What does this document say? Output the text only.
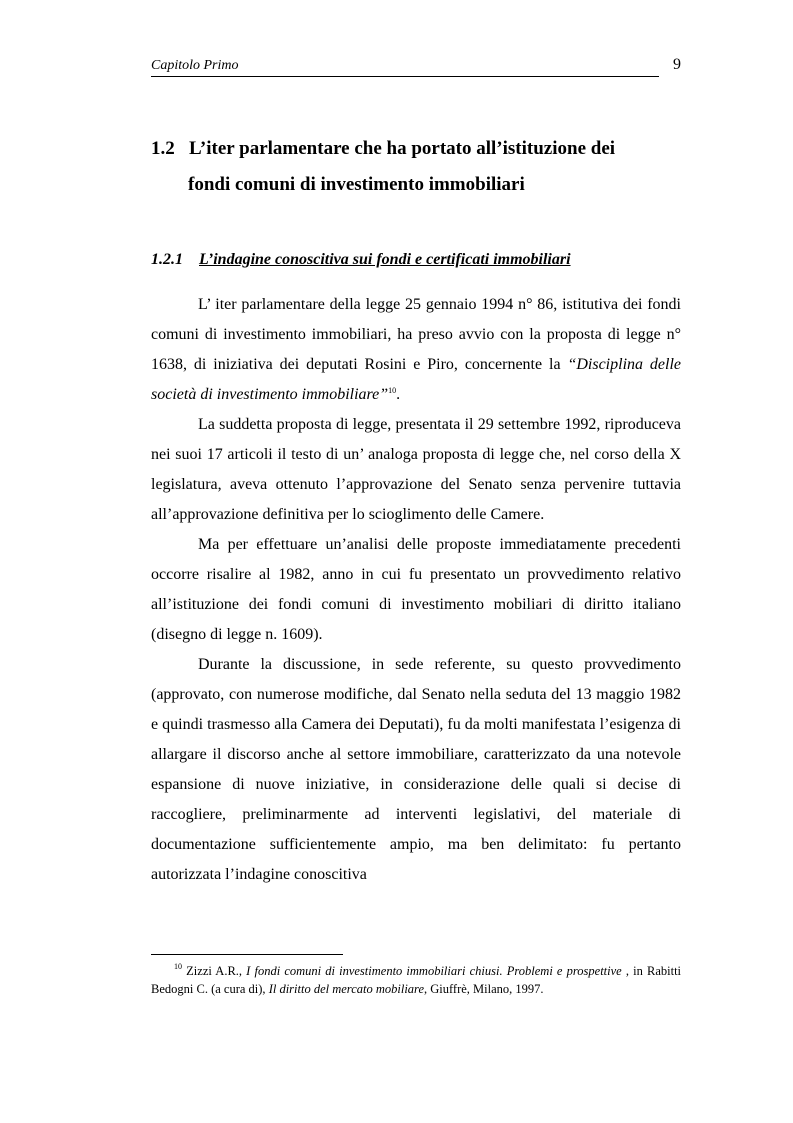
Capitolo Primo	9
1.2 L’iter parlamentare che ha portato all’istituzione dei
fondi comuni di investimento immobiliari
1.2.1 L’indagine conoscitiva sui fondi e certificati immobiliari

L’ iter parlamentare della legge 25 gennaio 1994 n° 86, istitutiva dei fondi comuni di investimento immobiliari, ha preso avvio con la proposta di legge n° 1638, di iniziativa dei deputati Rosini e Piro, concernente la “Disciplina delle società di investimento immobiliare”$^{10}$.

La suddetta proposta di legge, presentata il 29 settembre 1992, riproduceva nei suoi 17 articoli il testo di un’ analoga proposta di legge che, nel corso della X legislatura, aveva ottenuto l’approvazione del Senato senza pervenire tuttavia all’approvazione definitiva per lo scioglimento delle Camere.

Ma per effettuare un’analisi delle proposte immediatamente precedenti occorre risalire al 1982, anno in cui fu presentato un provvedimento relativo all’istituzione dei fondi comuni di investimento mobiliari di diritto italiano (disegno di legge n. 1609).

Durante la discussione, in sede referente, su questo provvedimento (approvato, con numerose modifiche, dal Senato nella seduta del 13 maggio 1982 e quindi trasmesso alla Camera dei Deputati), fu da molti manifestata l’esigenza di allargare il discorso anche al settore immobiliare, caratterizzato da una notevole espansione di nuove iniziative, in considerazione delle quali si decise di raccogliere, preliminarmente ad interventi legislativi, del materiale di documentazione sufficientemente ampio, ma ben delimitato: fu pertanto autorizzata l’indagine conoscitiva

$^{10}$ Zizzi A.R., I fondi comuni di investimento immobiliari chiusi. Problemi e prospettive , in Rabitti Bedogni C. (a cura di), Il diritto del mercato mobiliare, Giuffrè, Milano, 1997.
